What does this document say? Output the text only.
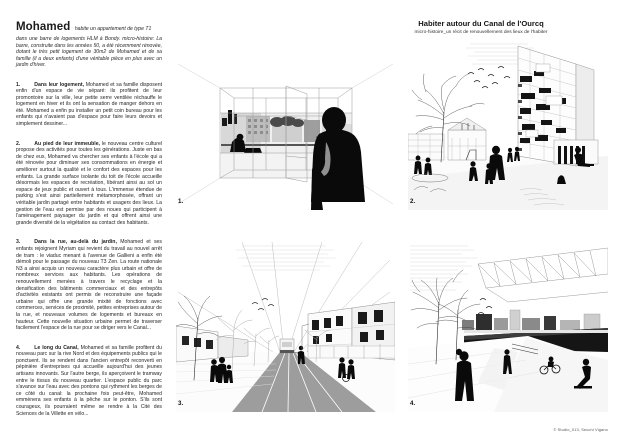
Mohamed habite un appartement de type T1
dans une barre de logements HLM à Bondy. micro-histoire: La barre, construite dans les années 50, a été récemment rénovée, dotant le très petit logement de 30m2 de Mohamed et de sa famille (il a deux enfants) d'une véritable pièce en plus avec un jardin d'hiver.
1.	Dans leur logement, Mohamed et sa famille disposent enfin d'un espace de vie séparé: ils profitent de leur promontoire sur la ville, leur petite serre ventilée réchauffe le logement en hiver et ils ont la sensation de manger dehors en été. Mohamed a enfin pu installer un petit coin bureau pour les enfants qui n'avaient pas d'espace pour faire leurs devoirs et simplement dessiner...
2.	Au pied de leur immeuble, le nouveau centre culturel propose des activités pour toutes les générations. Juste en bas de chez eux, Mohamed va chercher ses enfants à l'école qui a été rénovée pour diminuer ses consommations en énergie et améliorer surtout la qualité et le confort des espaces pour les enfants. La grande surface isolante du toit de l'école accueille désormais les espaces de recréation, libérant ainsi au sol un espace de jeux public et ouvert à tous. L'immense étendue de parking s'est ainsi partiellement métamorphosée, offrant un véritable jardin partagé entre habitants et usagers des lieux. La gestion de l'eau est permise par des noues qui participent à l'aménagement paysager du jardin et qui offrent ainsi une grande diversité de la végétation au contact des habitants.
3.	Dans la rue, au-delà du jardin, Mohamed et ses enfants rejoignent Myriam qui revient du travail au nouvel arrêt de tram : le viaduc menant à l'avenue de Gallieni a enfin été démoli pour le passage du nouveau T3 Zen. La route nationale N3 a ainsi acquis un nouveau caractère plus urbain et offre de nombreux services aux habitants. Les opérations de renouvellement menées à travers le recyclage et la densification des bâtiments commerciaux et des entrepôts d'activités existants ont permis de reconstruire une façade urbaine qui offre une grande mixité de fonctions avec commerces, services de proximité, petites entreprises autour de la rue, et nouveaux volumes de logements et bureaux en hauteur. Cette nouvelle situation urbaine permet de traverser facilement l'espace de la rue pour se diriger vers le Canal...
4.	Le long du Canal, Mohamed et sa famille profitent du nouveau parc sur la rive Nord et des équipements publics qui le ponctuent. Ils se rendent dans l'ancien entrepôt reconverti en pépinière d'entreprises qui accueille aujourd'hui des jeunes artisans innovants. Sur l'autre berge, ils aperçoivent le tramway entre le tissus du nouveau quartier. L'espace public du parc s'avance sur l'eau avec des pontons qui rythment les berges de ce côté du canal: la prochaine fois peut-être, Mohamed emmènera ses enfants à la pêche sur le ponton. S'ils sont courageux, ils pourraient même se rendre à la Cité des Sciences de la Villette en vélo...
Habiter autour du Canal de l'Ourcq
micro-histoire_un récit de renouvellement des lieux de l'habiter
1.	2.
3.	4.
© Studio_013, Secchi Vigano
